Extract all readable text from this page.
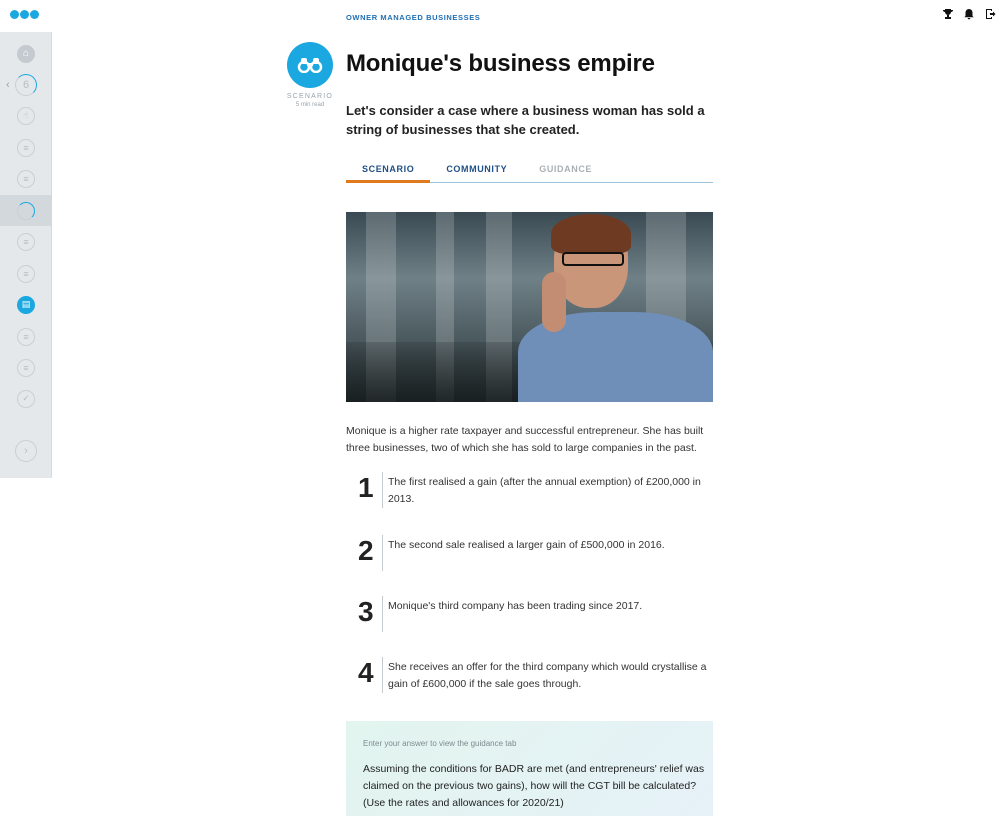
⌂
‹ 6
☝
≡
≡
≡
≡
▤
≡
≡
✓
›
OWNER MANAGED BUSINESSES
SCENARIO
5 min read
Monique's business empire

Let's consider a case where a business woman has sold a string of businesses that she created.

SCENARIO	COMMUNITY	GUIDANCE

Monique is a higher rate taxpayer and successful entrepreneur. She has built three businesses, two of which she has sold to large companies in the past.

1	The first realised a gain (after the annual exemption) of £200,000 in 2013.
2	The second sale realised a larger gain of £500,000 in 2016.
3	Monique's third company has been trading since 2017.
4	She receives an offer for the third company which would crystallise a gain of £600,000 if the sale goes through.
Enter your answer to view the guidance tab
Assuming the conditions for BADR are met (and entrepreneurs' relief was claimed on the previous two gains), how will the CGT bill be calculated? (Use the rates and allowances for 2020/21)
